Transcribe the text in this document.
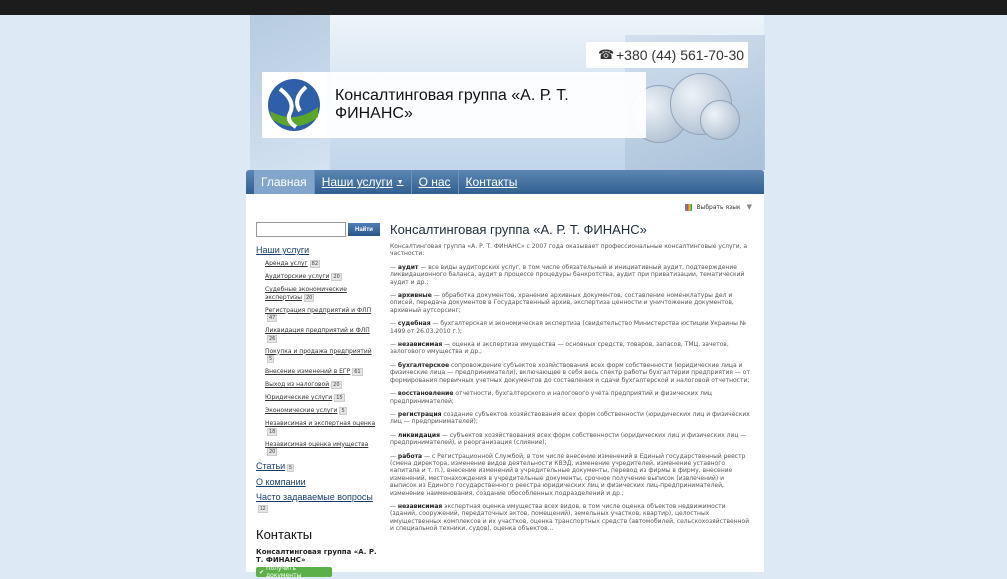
☎ +380 (44) 561-70-30
Консалтинговая группа «А. Р. Т. ФИНАНС»
Главная Наши услуги ▼ О нас Контакты
Выбрать язык ▼
Найти
Наши услуги
Аренда услуг 82
Аудиторские услуги 20
Судебные экономические экспертизы 20
Регистрация предприятий и ФЛП47
Ликвидация предприятий и ФЛП26
Покупка и продажа предприятий5
Внесение изменений в ЕГР 61
Выход из налоговой 20
Юридические услуги 15
Экономические услуги 5
Независимая и экспертная оценка18
Независимая оценка имущества20
Статьи 5
О компании
Часто задаваемые вопросы12
Контакты
Консалтинговая группа «А. Р. Т. ФИНАНС»
✔ Получить документы
Консалтинговая группа «А. Р. Т. ФИНАНС»
Консалтинговая группа «А. Р. Т. ФИНАНС» с 2007 года оказывает профессиональные консалтинговые услуги, а частности:
— аудит — все виды аудиторских услуг, в том числе обязательный и инициативный аудит, подтверждение ликвидационного баланса, аудит в процессе процедуры банкротства, аудит при приватизации, тематический аудит и др.;
— архивные — обработка документов, хранение архивных документов, составление номенклатуры дел и описей, передача документов в Государственный архив, экспертиза ценности и уничтожение документов, архивный аутсорсинг;
— судебная — бухгалтерская и экономическая экспертиза (свидетельство Министерства юстиции Украины № 1499 от 26.03.2010 г.);
— независимая — оценка и экспертиза имущества — основных средств, товаров, запасов, ТМЦ, зачетов, залогового имущества и др.;
— бухгалтерское сопровождение субъектов хозяйствования всех форм собственности (юридические лица и физические лица — предприниматели), включающее в себя весь спектр работы бухгалтерии предприятия — от формирования первичных учетных документов до составления и сдачи бухгалтерской и налоговой отчетности;
— восстановление отчетности, бухгалтерского и налогового учета предприятий и физических лиц предпринимателей;
— регистрация создание субъектов хозяйствования всех форм собственности (юридических лиц и физических лиц — предпринимателей);
— ликвидация — субъектов хозяйствования всех форм собственности (юридических лиц и физических лиц — предпринимателей), и реорганизация (слияние);
— работа — с Регистрационной Службой, в том числе внесение изменений в Единый государственный реестр (смена директора, изменение видов деятельности КВЭД, изменение учредителей, изменение уставного капитала и т. п.), внесение изменений в учредительные документы, перевод из фирмы в фирму, внесение изменений, местонахождения в учредительные документы, срочное получение выписок (извлечений) и выписок из Единого государственного реестра юридических лиц и физических лиц-предпринимателей, изменение наименования, создание обособленных подразделений и др.;
— независимая экспертная оценка имущества всех видов, в том числе оценка объектов недвижимости (зданий, сооружений, передаточных актов, помещений), земельных участков, квартир), целостных имущественных комплексов и их участков, оценка транспортных средств (автомобилей, сельскохозяйственной и специальной техники, судов), оценка объектов...
